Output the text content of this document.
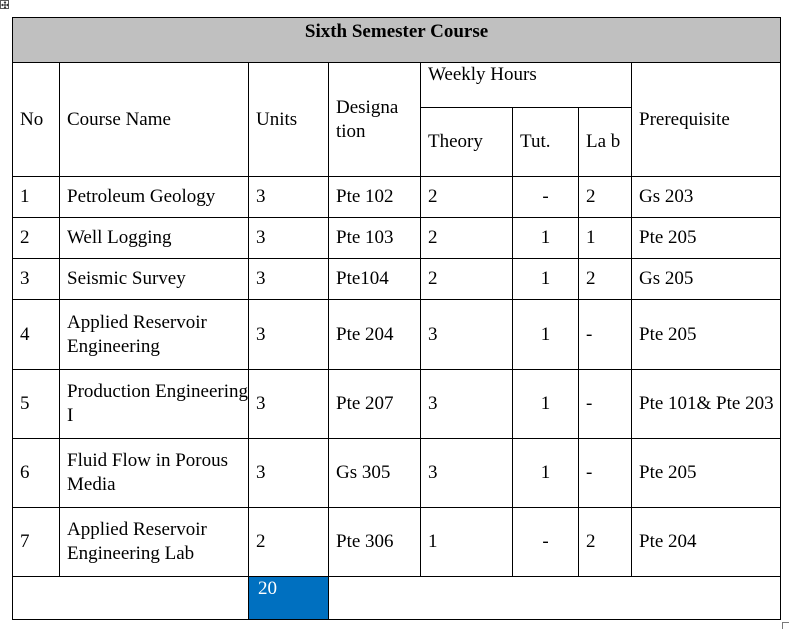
Sixth Semester Course							
No	Course Name	Units	Designa tion	Weekly Hours			Prerequisite
				Theory	Tut.	La b	
1	Petroleum Geology	3	Pte 102	2	-	2	Gs 203
2	Well Logging	3	Pte 103	2	1	1	Pte 205
3	Seismic Survey	3	Pte104	2	1	2	Gs 205
4	Applied Reservoir Engineering	3	Pte 204	3	1	-	Pte 205
5	Production Engineering I	3	Pte 207	3	1	-	Pte 101& Pte 203
6	Fluid Flow in Porous Media	3	Gs 305	3	1	-	Pte 205
7	Applied Reservoir Engineering Lab	2	Pte 306	1	-	2	Pte 204
		20					
